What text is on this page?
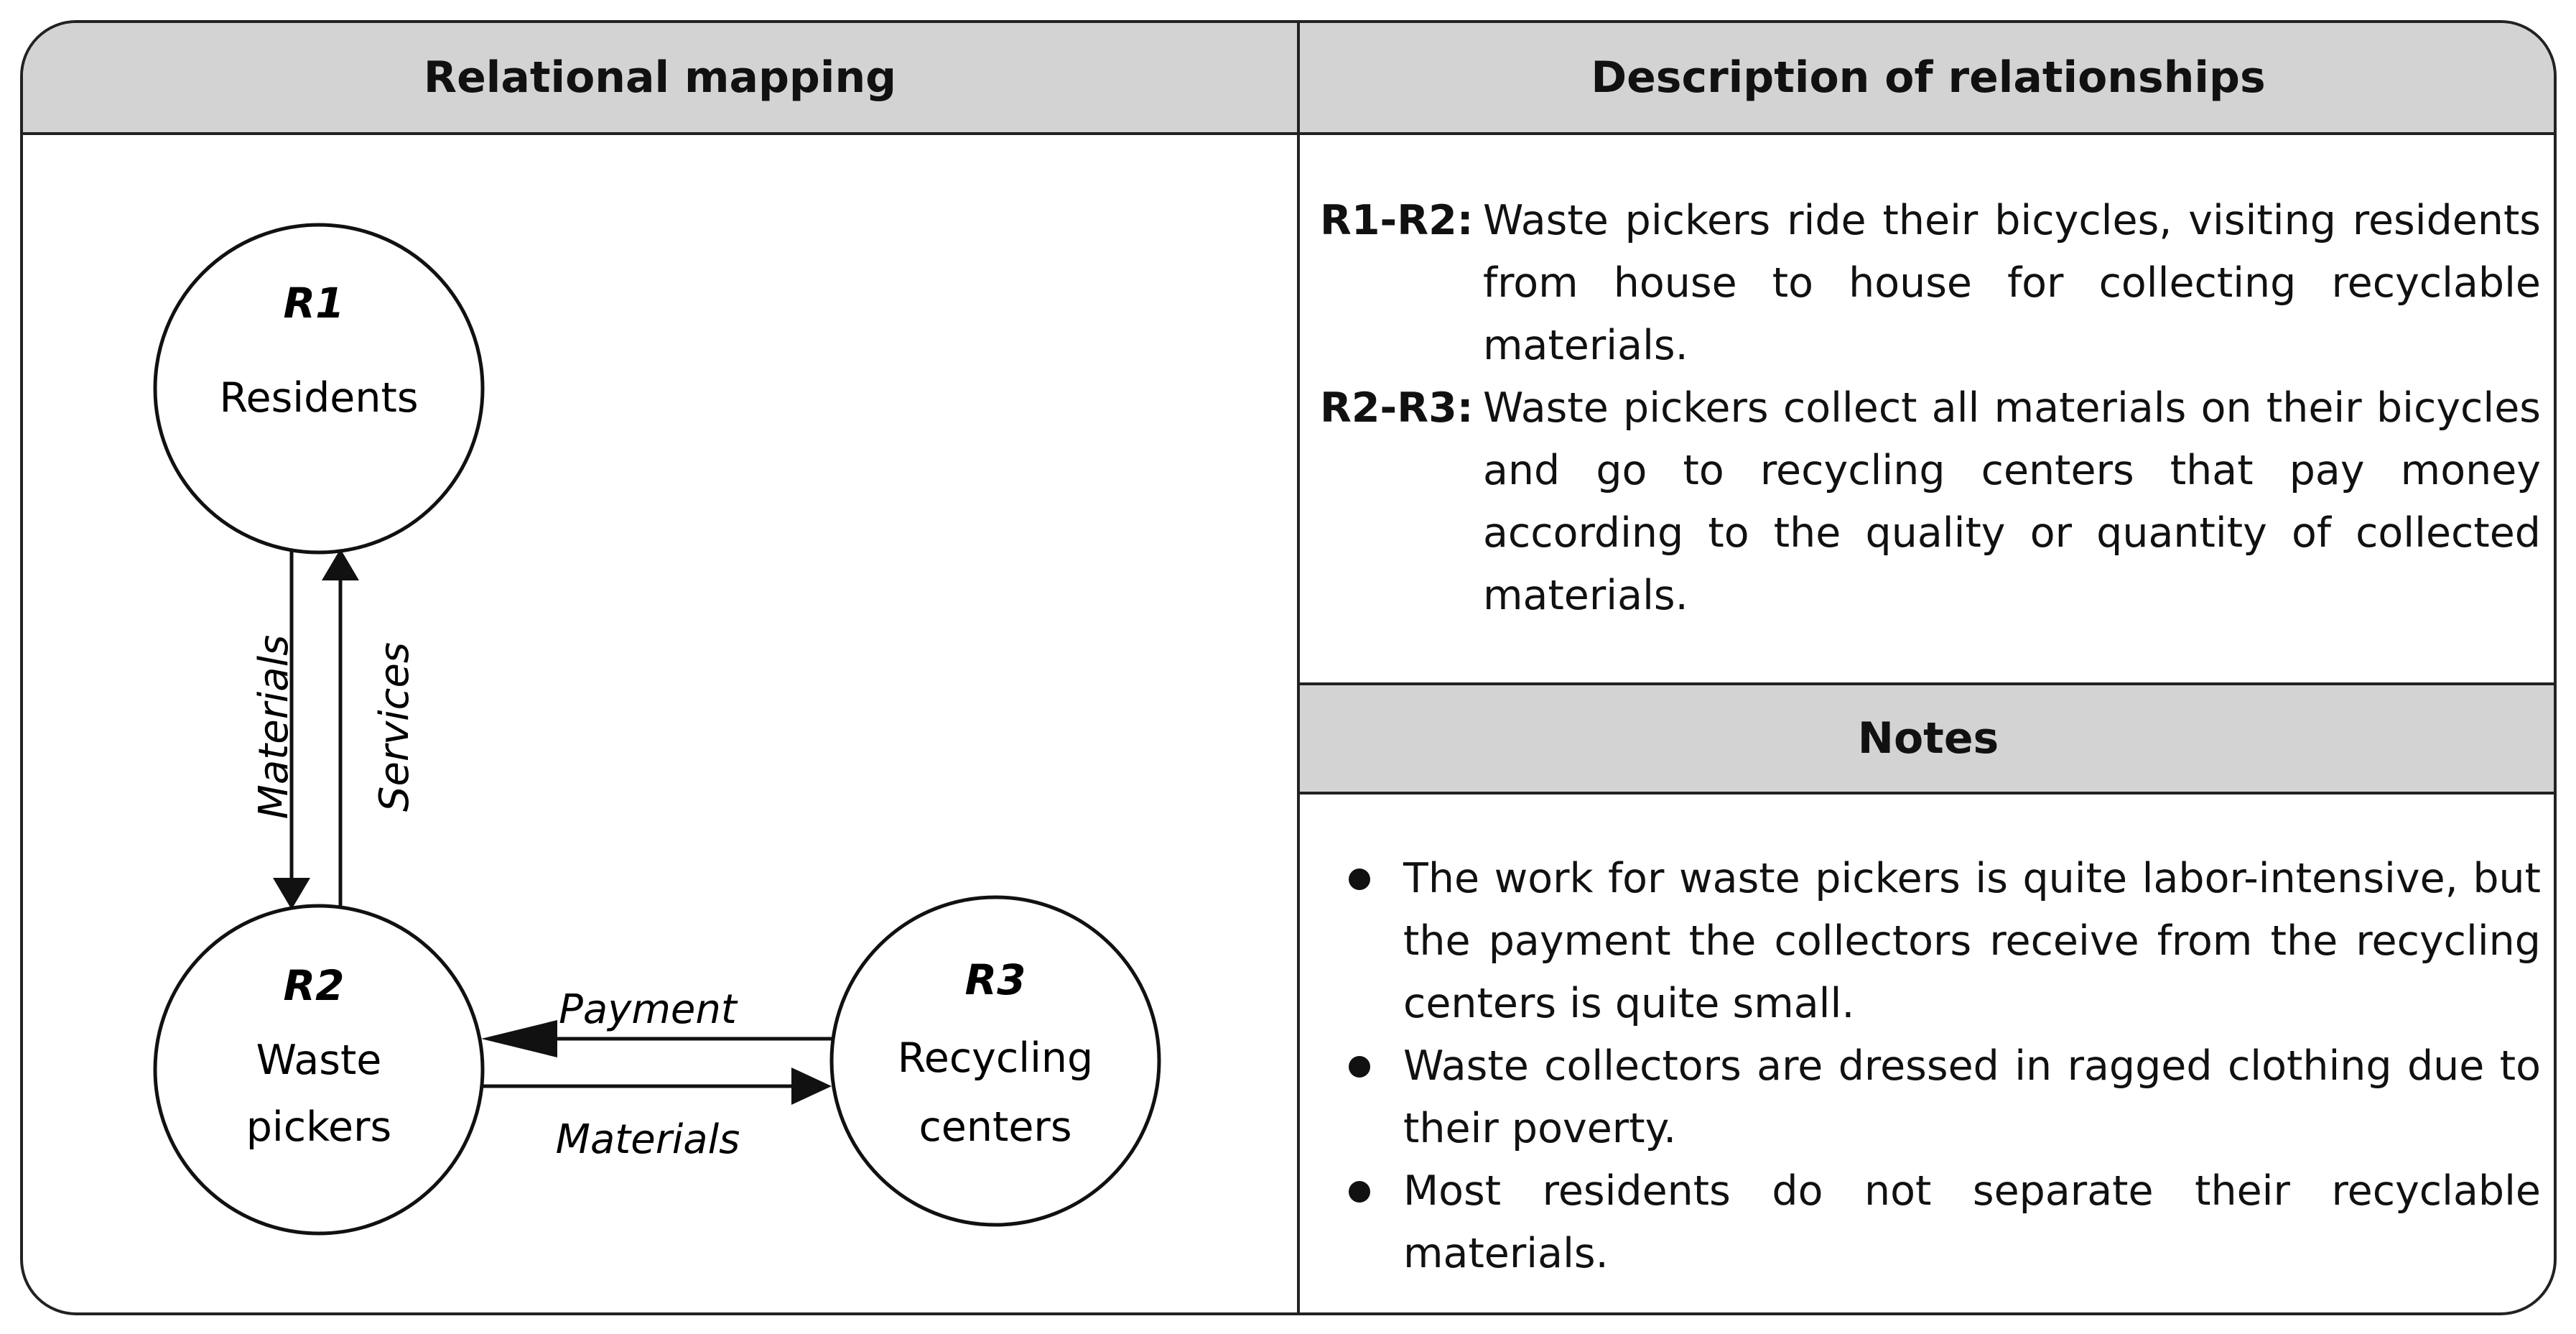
Relational mapping	Description of relationships
R1
Residents
R2
Waste
pickers
R3
Recycling
centers
Materials Services
Payment
Materials
R1-R2: Waste pickers ride their bicycles, visiting residents from house to house for collecting recyclable materials.
R2-R3: Waste pickers collect all materials on their bicycles and go to recycling centers that pay money according to the quality or quantity of collected materials.
Notes
The work for waste pickers is quite labor-intensive, but the payment the collectors receive from the recycling centers is quite small.
Waste collectors are dressed in ragged clothing due to their poverty.
Most residents do not separate their recyclable materials.
